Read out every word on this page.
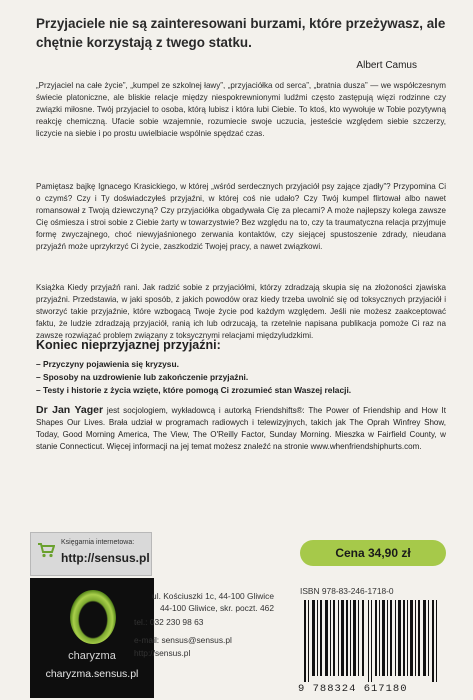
Przyjaciele nie są zainteresowani burzami, które przeżywasz, ale chętnie korzystają z twego statku.
Albert Camus
„Przyjaciel na całe życie”, „kumpel ze szkolnej ławy”, „przyjaciółka od serca”, „bratnia dusza” — we współczesnym świecie platoniczne, ale bliskie relacje między niespokrewnionymi ludźmi często zastępują więzi rodzinne czy związki miłosne. Twój przyjaciel to osoba, którą lubisz i która lubi Ciebie. To ktoś, kto wywołuje w Tobie pozytywną reakcję chemiczną. Ufacie sobie wzajemnie, rozumiecie swoje uczucia, jesteście względem siebie szczerzy, liczycie na siebie i po prostu uwielbiacie wspólnie spędzać czas.
Pamiętasz bajkę Ignacego Krasickiego, w której „wśród serdecznych przyjaciół psy zające zjadły”? Przypomina Ci o czymś? Czy i Ty doświadczyłeś przyjaźni, w której coś nie udało? Czy Twój kumpel flirtował albo nawet romansował z Twoją dziewczyną? Czy przyjaciółka obgadywała Cię za plecami? A może najlepszy kolega zawsze Cię ośmiesza i stroi sobie z Ciebie żarty w towarzystwie? Bez względu na to, czy ta traumatyczna relacja przyjmuje formę zwyczajnego, choć niewyjaśnionego zerwania kontaktów, czy siejącej spustoszenie zdrady, nieudana przyjaźń może uprzykrzyć Ci życie, zaszkodzić Twojej pracy, a nawet związkowi.
Książka Kiedy przyjaźń rani. Jak radzić sobie z przyjaciółmi, którzy zdradzają skupia się na złożoności zjawiska przyjaźni. Przedstawia, w jaki sposób, z jakich powodów oraz kiedy trzeba uwolnić się od toksycznych przyjaciół i stworzyć takie przyjaźnie, które wzbogacą Twoje życie pod każdym względem. Jeśli nie możesz zaakceptować faktu, że ludzie zdradzają przyjaciół, ranią ich lub odrzucają, ta rzetelnie napisana publikacja pomoże Ci raz na zawsze rozwiązać problem związany z toksycznymi relacjami międzyludzkimi.
Koniec nieprzyjaznej przyjaźni:
– Przyczyny pojawienia się kryzysu.
– Sposoby na uzdrowienie lub zakończenie przyjaźni.
– Testy i historie z życia wzięte, które pomogą Ci zrozumieć stan Waszej relacji.
Dr Jan Yager jest socjologiem, wykładowcą i autorką Friendshifts®: The Power of Friendship and How It Shapes Our Lives. Brała udział w programach radiowych i telewizyjnych, takich jak The Oprah Winfrey Show, Today, Good Morning America, The View, The O'Reilly Factor, Sunday Morning. Mieszka w Fairfield County, w stanie Connecticut. Więcej informacji na jej temat możesz znaleźć na stronie www.whenfriendshiphurts.com.
Księgarnia internetowa:
http://sensus.pl	Cena 34,90 zł
charyzma
charyzma.sensus.pl
ul. Kościuszki 1c, 44-100 Gliwice
44-100 Gliwice, skr. poczt. 462
tel.: 032 230 98 63
e-mail: sensus@sensus.pl
http://sensus.pl
ISBN 978-83-246-1718-0
9 788324 617180
